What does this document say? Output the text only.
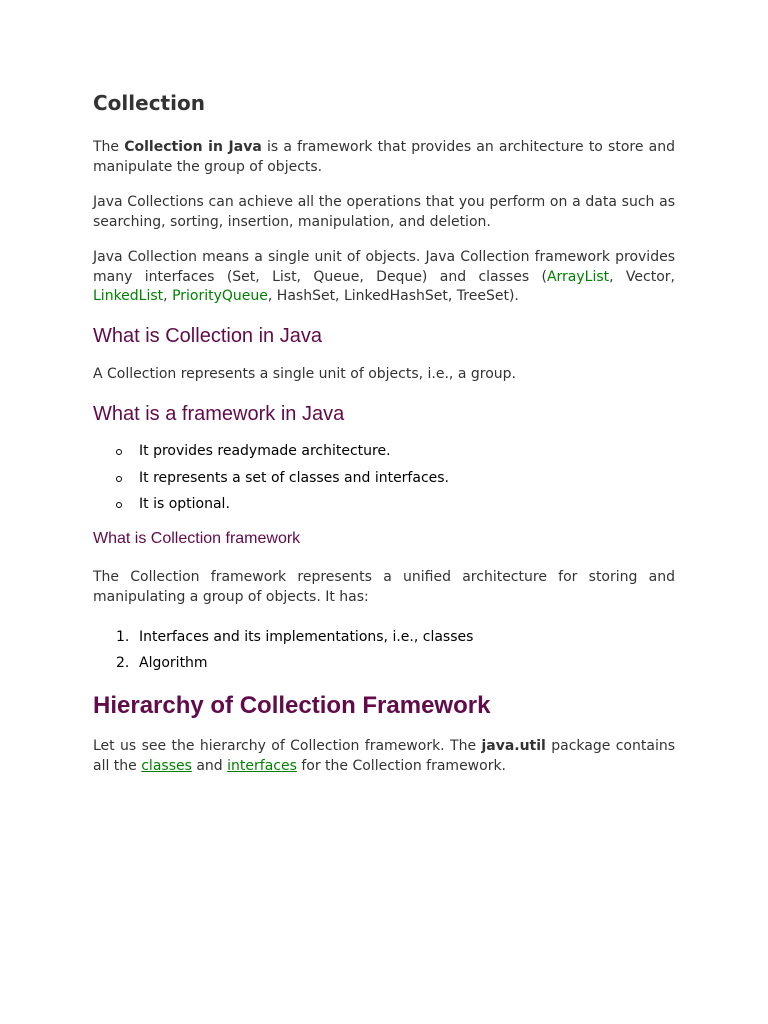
Collection

The Collection in Java is a framework that provides an architecture to store and manipulate the group of objects.

Java Collections can achieve all the operations that you perform on a data such as searching, sorting, insertion, manipulation, and deletion.

Java Collection means a single unit of objects. Java Collection framework provides many interfaces (Set, List, Queue, Deque) and classes (ArrayList, Vector, LinkedList, PriorityQueue, HashSet, LinkedHashSet, TreeSet).

What is Collection in Java

A Collection represents a single unit of objects, i.e., a group.

What is a framework in Java
It provides readymade architecture.
It represents a set of classes and interfaces.
It is optional.
What is Collection framework

The Collection framework represents a unified architecture for storing and manipulating a group of objects. It has:

1. Interfaces and its implementations, i.e., classes
2. Algorithm
Hierarchy of Collection Framework

Let us see the hierarchy of Collection framework. The java.util package contains all the classes and interfaces for the Collection framework.
